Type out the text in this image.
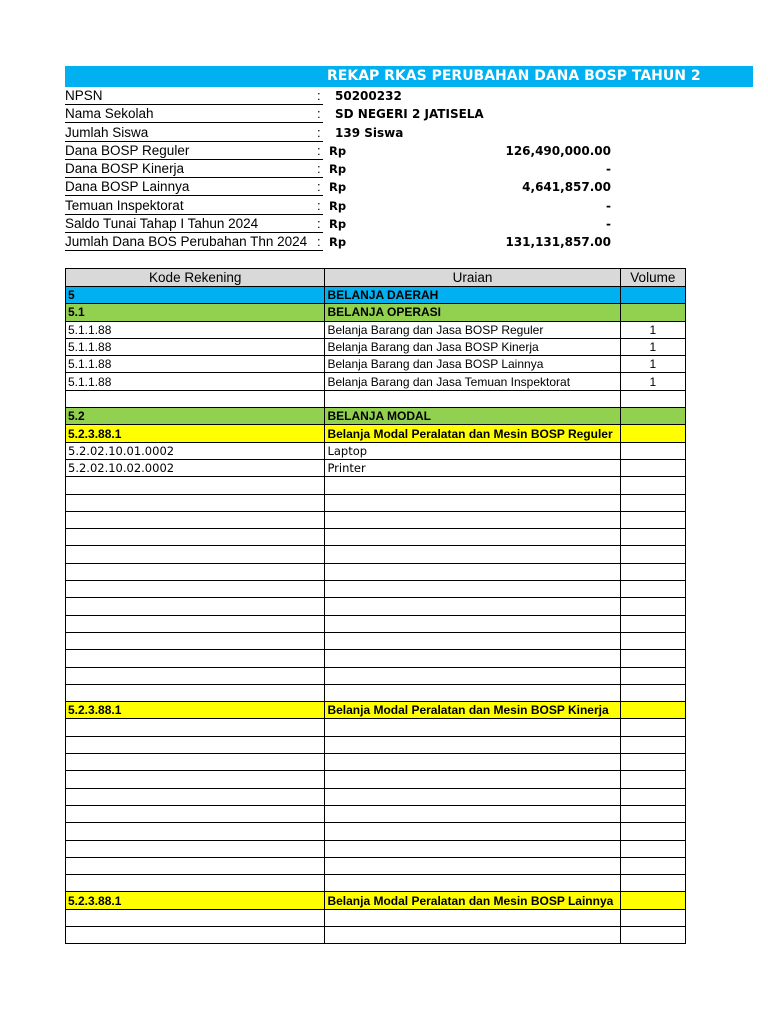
REKAP RKAS PERUBAHAN DANA BOSP TAHUN 2
NPSN	: 50200232
Nama Sekolah	: SD NEGERI 2 JATISELA
Jumlah Siswa	: 139 Siswa
Dana BOSP Reguler	: Rp	126,490,000.00
Dana BOSP Kinerja	: Rp	-
Dana BOSP Lainnya	: Rp	4,641,857.00
Temuan Inspektorat	: Rp	-
Saldo Tunai Tahap I Tahun 2024	: Rp	-
Jumlah Dana BOS Perubahan Thn 2024 : Rp	131,131,857.00
Kode Rekening	Uraian	Volume
5	BELANJA DAERAH	
5.1	BELANJA OPERASI	
5.1.1.88	Belanja Barang dan Jasa BOSP Reguler	1
5.1.1.88	Belanja Barang dan Jasa BOSP Kinerja	1
5.1.1.88	Belanja Barang dan Jasa BOSP Lainnya	1
5.1.1.88	Belanja Barang dan Jasa Temuan Inspektorat	1

5.2	BELANJA MODAL	
5.2.3.88.1	Belanja Modal Peralatan dan Mesin BOSP Reguler	
5.2.02.10.01.0002	Laptop	
5.2.02.10.02.0002	Printer	

5.2.3.88.1	Belanja Modal Peralatan dan Mesin BOSP Kinerja	

5.2.3.88.1	Belanja Modal Peralatan dan Mesin BOSP Lainnya	
